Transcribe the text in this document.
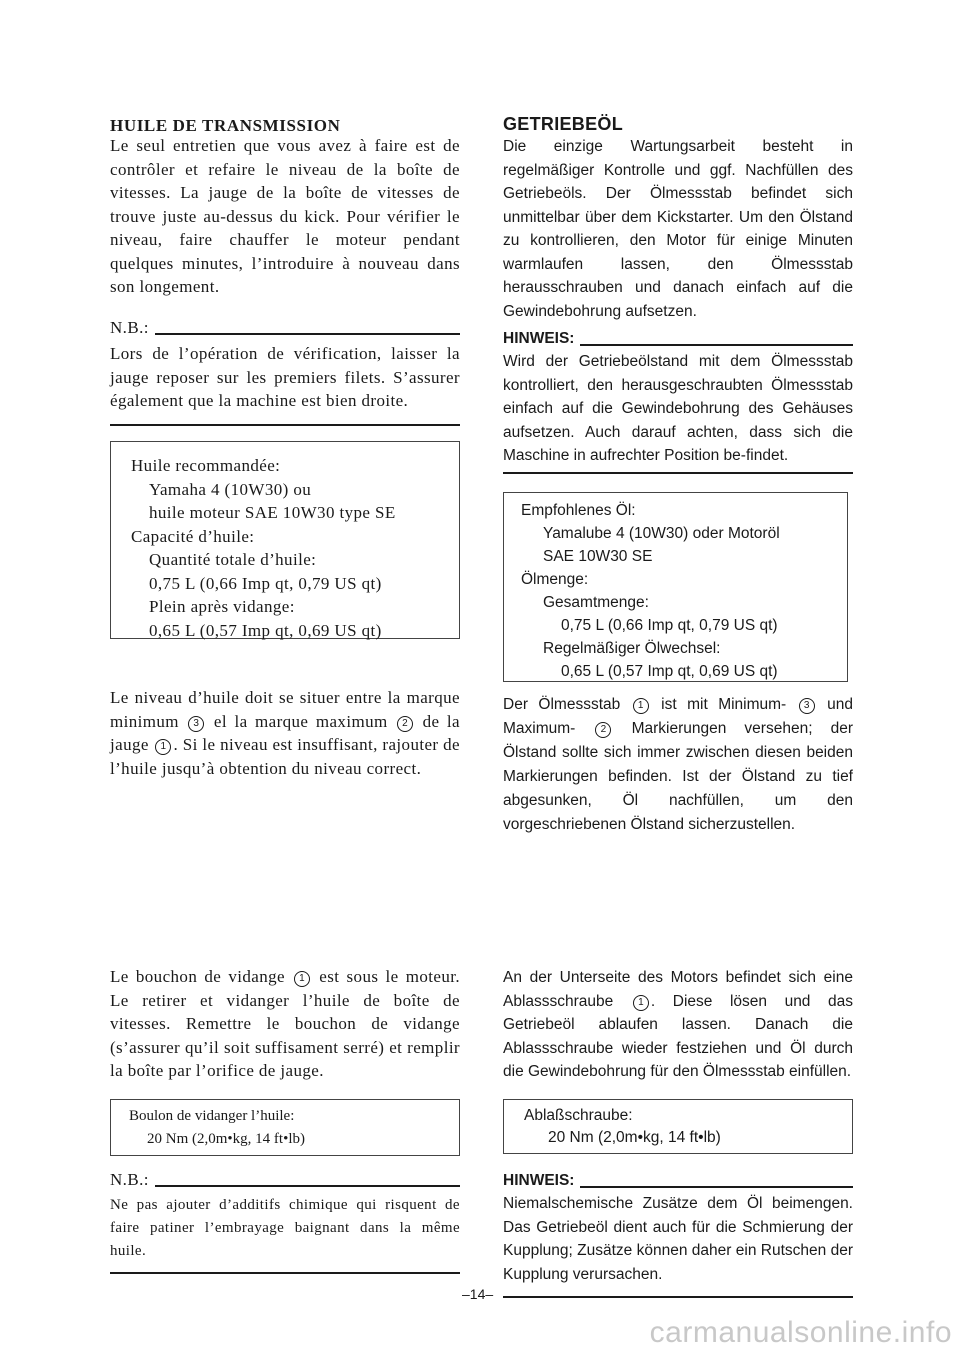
HUILE DE TRANSMISSION

Le seul entretien que vous avez à faire est de contrôler et refaire le niveau de la boîte de vitesses. La jauge de la boîte de vitesses de trouve juste au-dessus du kick. Pour vérifier le niveau, faire chauffer le moteur pendant quelques minutes, l’introduire à nouveau dans son longement.

N.B.:

Lors de l’opération de vérification, laisser la jauge reposer sur les premiers filets. S’assurer également que la machine est bien droite.

Huile recommandée:
Yamaha 4 (10W30) ou
huile moteur SAE 10W30 type SE
Capacité d’huile:
Quantité totale d’huile:
0,75 L (0,66 Imp qt, 0,79 US qt)
Plein après vidange:
0,65 L (0,57 Imp qt, 0,69 US qt)

Le niveau d’huile doit se situer entre la marque minimum 3 el la marque maximum 2 de la jauge 1 . Si le niveau est insuffisant, rajouter de l’huile jusqu’à obtention du niveau correct.

Le bouchon de vidange 1 est sous le moteur. Le retirer et vidanger l’huile de boîte de vitesses. Remettre le bouchon de vidange (s’assurer qu’il soit suffisament serré) et remplir la boîte par l’orifice de jauge.

Boulon de vidanger l’huile:
20 Nm (2,0m•kg, 14 ft•lb)
N.B.:

Ne pas ajouter d’additifs chimique qui risquent de faire patiner l’embrayage baignant dans la même huile.

GETRIEBEÖL

Die einzige Wartungsarbeit besteht in regelmäßiger Kontrolle und ggf. Nachfüllen des Getriebeöls. Der Ölmessstab befindet sich unmittelbar über dem Kickstarter. Um den Ölstand zu kontrollieren, den Motor für einige Minuten warmlaufen lassen, den Ölmessstab herausschrauben und danach einfach auf die Gewindebohrung aufsetzen.

HINWEIS:

Wird der Getriebeölstand mit dem Ölmessstab kontrolliert, den herausgeschraubten Ölmessstab einfach auf die Gewindebohrung des Gehäuses aufsetzen. Auch darauf achten, dass sich die Maschine in aufrechter Position be-findet.

Empfohlenes Öl:
Yamalube 4 (10W30) oder Motoröl
SAE 10W30 SE
Ölmenge:
Gesamtmenge:
0,75 L (0,66 Imp qt, 0,79 US qt)
Regelmäßiger Ölwechsel:
0,65 L (0,57 Imp qt, 0,69 US qt)

Der Ölmessstab 1 ist mit Minimum- 3 und Maximum-	2 Markierungen versehen; der Ölstand sollte sich immer zwischen diesen beiden Markierungen befinden. Ist der Ölstand zu tief abgesunken, Öl nachfüllen, um den vorgeschriebenen Ölstand sicherzustellen.

An der Unterseite des Motors befindet sich eine Ablassschraube 1 . Diese lösen und das Getriebeöl ablaufen lassen. Danach die Ablassschraube wieder festziehen und Öl durch die Gewindebohrung für den Ölmessstab einfüllen.

Ablaßschraube:
20 Nm (2,0m•kg, 14 ft•lb)
HINWEIS:

Niemalschemische Zusätze dem Öl beimengen. Das Getriebeöl dient auch für die Schmierung der Kupplung; Zusätze können daher ein Rutschen der Kupplung verursachen.

–14–
carmanualsonline.info
